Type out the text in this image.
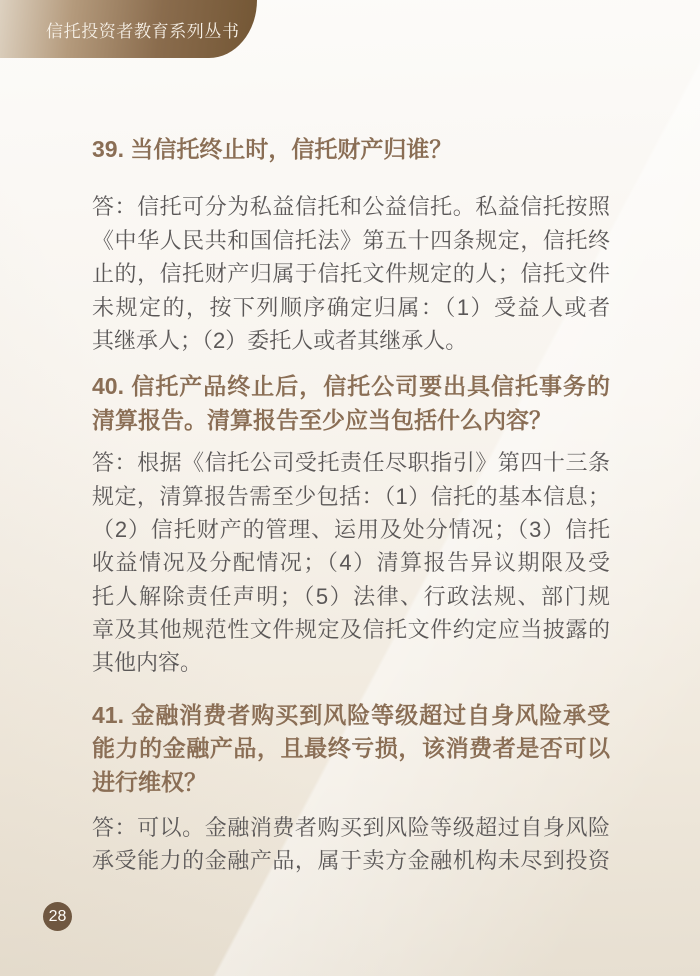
信托投资者教育系列丛书
39. 当信托终止时，信托财产归谁？
答：信托可分为私益信托和公益信托。私益信托按照
《中华人民共和国信托法》第五十四条规定，信托终
止的，信托财产归属于信托文件规定的人；信托文件
未规定的，按下列顺序确定归属：（1）受益人或者
其继承人；（2）委托人或者其继承人。
40. 信托产品终止后，信托公司要出具信托事务的
清算报告。清算报告至少应当包括什么内容？
答：根据《信托公司受托责任尽职指引》第四十三条
规定，清算报告需至少包括：（1）信托的基本信息；
（2）信托财产的管理、运用及处分情况；（3）信托
收益情况及分配情况；（4）清算报告异议期限及受
托人解除责任声明；（5）法律、行政法规、部门规
章及其他规范性文件规定及信托文件约定应当披露的
其他内容。
41. 金融消费者购买到风险等级超过自身风险承受
能力的金融产品，且最终亏损，该消费者是否可以
进行维权？
答：可以。金融消费者购买到风险等级超过自身风险
承受能力的金融产品，属于卖方金融机构未尽到投资
28
